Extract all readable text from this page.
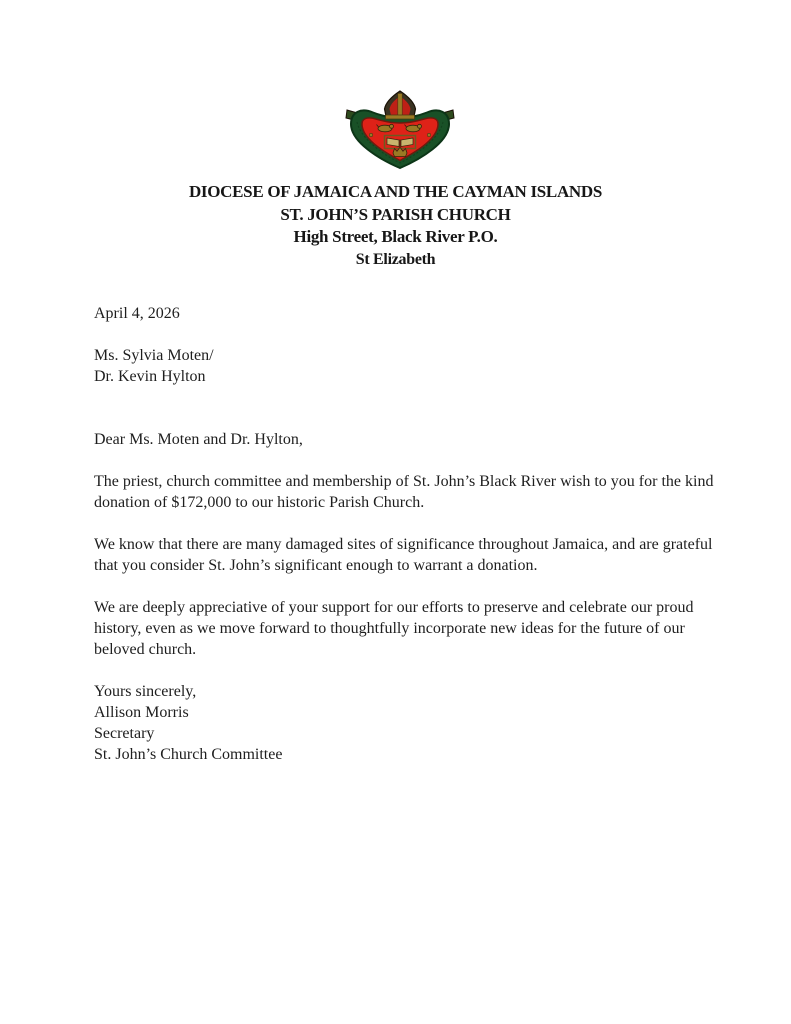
DIOCESE OF JAMAICA AND THE CAYMAN ISLANDS
ST. JOHN’S PARISH CHURCH
High Street, Black River P.O.
St Elizabeth
April 4, 2026
Ms. Sylvia Moten/
Dr. Kevin Hylton
Dear Ms. Moten and Dr. Hylton,
The priest, church committee and membership of St. John’s Black River wish to you for the kind
donation of $172,000 to our historic Parish Church.
We know that there are many damaged sites of significance throughout Jamaica, and are grateful
that you consider St. John’s significant enough to warrant a donation.
We are deeply appreciative of your support for our efforts to preserve and celebrate our proud
history, even as we move forward to thoughtfully incorporate new ideas for the future of our
beloved church.
Yours sincerely,
Allison Morris
Secretary
St. John’s Church Committee
